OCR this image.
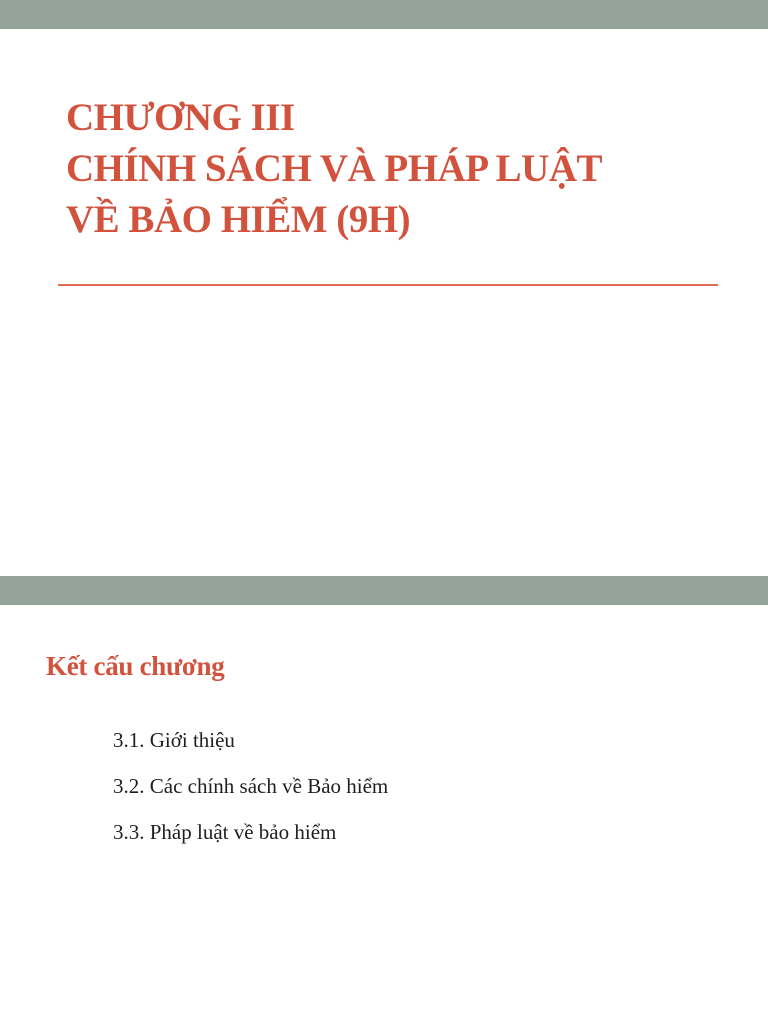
CHƯƠNG III
CHÍNH SÁCH VÀ PHÁP LUẬT
VỀ BẢO HIỂM (9H)
Kết cấu chương
3.1. Giới thiệu
3.2. Các chính sách về Bảo hiểm
3.3. Pháp luật về bảo hiểm
